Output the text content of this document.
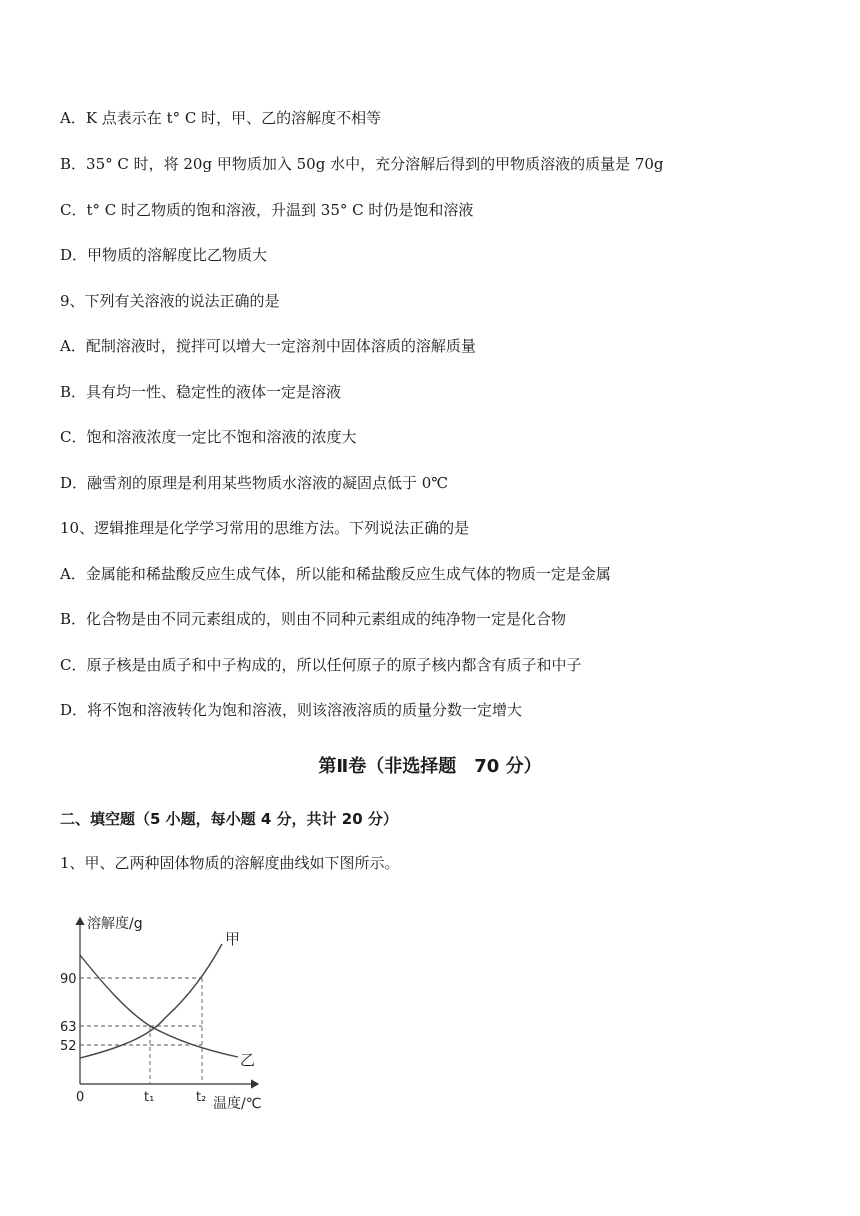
A．K 点表示在 t° C 时，甲、乙的溶解度不相等
B．35° C 时，将 20g 甲物质加入 50g 水中，充分溶解后得到的甲物质溶液的质量是 70g
C．t° C 时乙物质的饱和溶液，升温到 35° C 时仍是饱和溶液
D．甲物质的溶解度比乙物质大
9、下列有关溶液的说法正确的是
A．配制溶液时，搅拌可以增大一定溶剂中固体溶质的溶解质量
B．具有均一性、稳定性的液体一定是溶液
C．饱和溶液浓度一定比不饱和溶液的浓度大
D．融雪剂的原理是利用某些物质水溶液的凝固点低于 0℃
10、逻辑推理是化学学习常用的思维方法。下列说法正确的是
A．金属能和稀盐酸反应生成气体，所以能和稀盐酸反应生成气体的物质一定是金属
B．化合物是由不同元素组成的，则由不同种元素组成的纯净物一定是化合物
C．原子核是由质子和中子构成的，所以任何原子的原子核内都含有质子和中子
D．将不饱和溶液转化为饱和溶液，则该溶液溶质的质量分数一定增大
第Ⅱ卷（非选择题　70 分）
二、填空题（5 小题，每小题 4 分，共计 20 分）
1、甲、乙两种固体物质的溶解度曲线如下图所示。
溶解度/g
温度/℃
0
90
63
52
t₁	t₂
甲
乙
